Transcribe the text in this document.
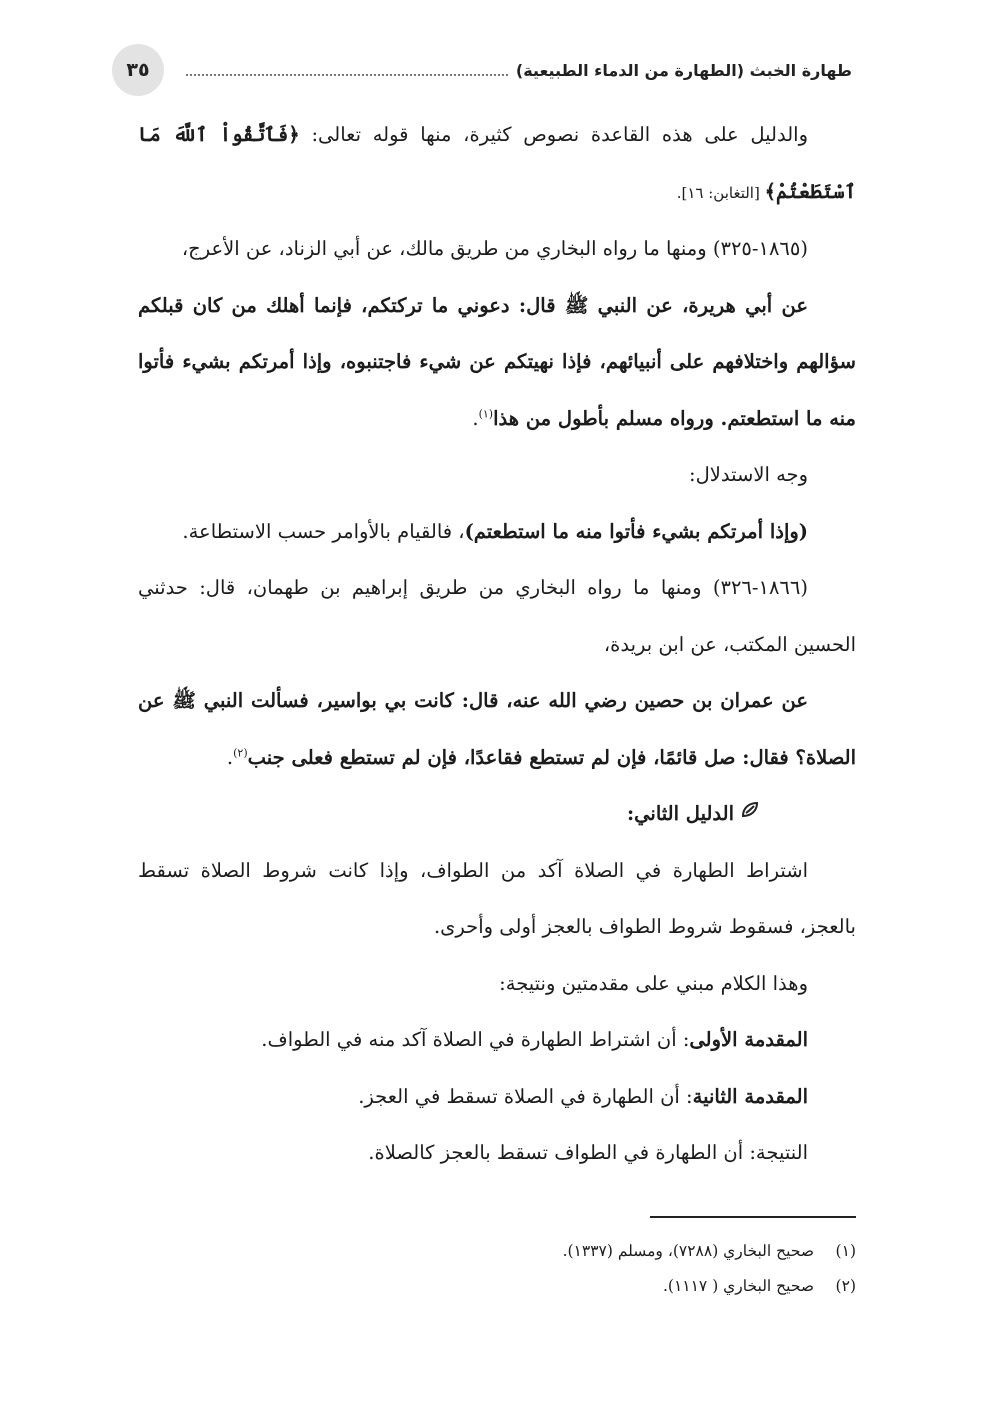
٣٥	طهارة الخبث (الطهارة من الدماء الطبيعية)

والدليل على هذه القاعدة نصوص كثيرة، منها قوله تعالى: ﴿فَٱتَّقُواْ ٱللَّهَ مَا ٱسْتَطَعْتُمْ﴾ [التغابن: ١٦].

(١٨٦٥-٣٢٥) ومنها ما رواه البخاري من طريق مالك، عن أبي الزناد، عن الأعرج،

عن أبي هريرة، عن النبي ﷺ قال: دعوني ما تركتكم، فإنما أهلك من كان قبلكم سؤالهم واختلافهم على أنبيائهم، فإذا نهيتكم عن شيء فاجتنبوه، وإذا أمرتكم بشيء فأتوا منه ما استطعتم. ورواه مسلم بأطول من هذا$^{(١)}$.

وجه الاستدلال:

(وإذا أمرتكم بشيء فأتوا منه ما استطعتم)، فالقيام بالأوامر حسب الاستطاعة.

(١٨٦٦-٣٢٦) ومنها ما رواه البخاري من طريق إبراهيم بن طهمان، قال: حدثني الحسين المكتب، عن ابن بريدة،

عن عمران بن حصين رضي الله عنه، قال: كانت بي بواسير، فسألت النبي ﷺ عن الصلاة؟ فقال: صل قائمًا، فإن لم تستطع فقاعدًا، فإن لم تستطع فعلى جنب$^{(٢)}$.

الدليل الثاني:

اشتراط الطهارة في الصلاة آكد من الطواف، وإذا كانت شروط الصلاة تسقط بالعجز، فسقوط شروط الطواف بالعجز أولى وأحرى.

وهذا الكلام مبني على مقدمتين ونتيجة:

المقدمة الأولى: أن اشتراط الطهارة في الصلاة آكد منه في الطواف.

المقدمة الثانية: أن الطهارة في الصلاة تسقط في العجز.

النتيجة: أن الطهارة في الطواف تسقط بالعجز كالصلاة.

(١)
صحيح البخاري (٧٢٨٨)، ومسلم (١٣٣٧).
(٢)
صحيح البخاري ( ١١١٧).
